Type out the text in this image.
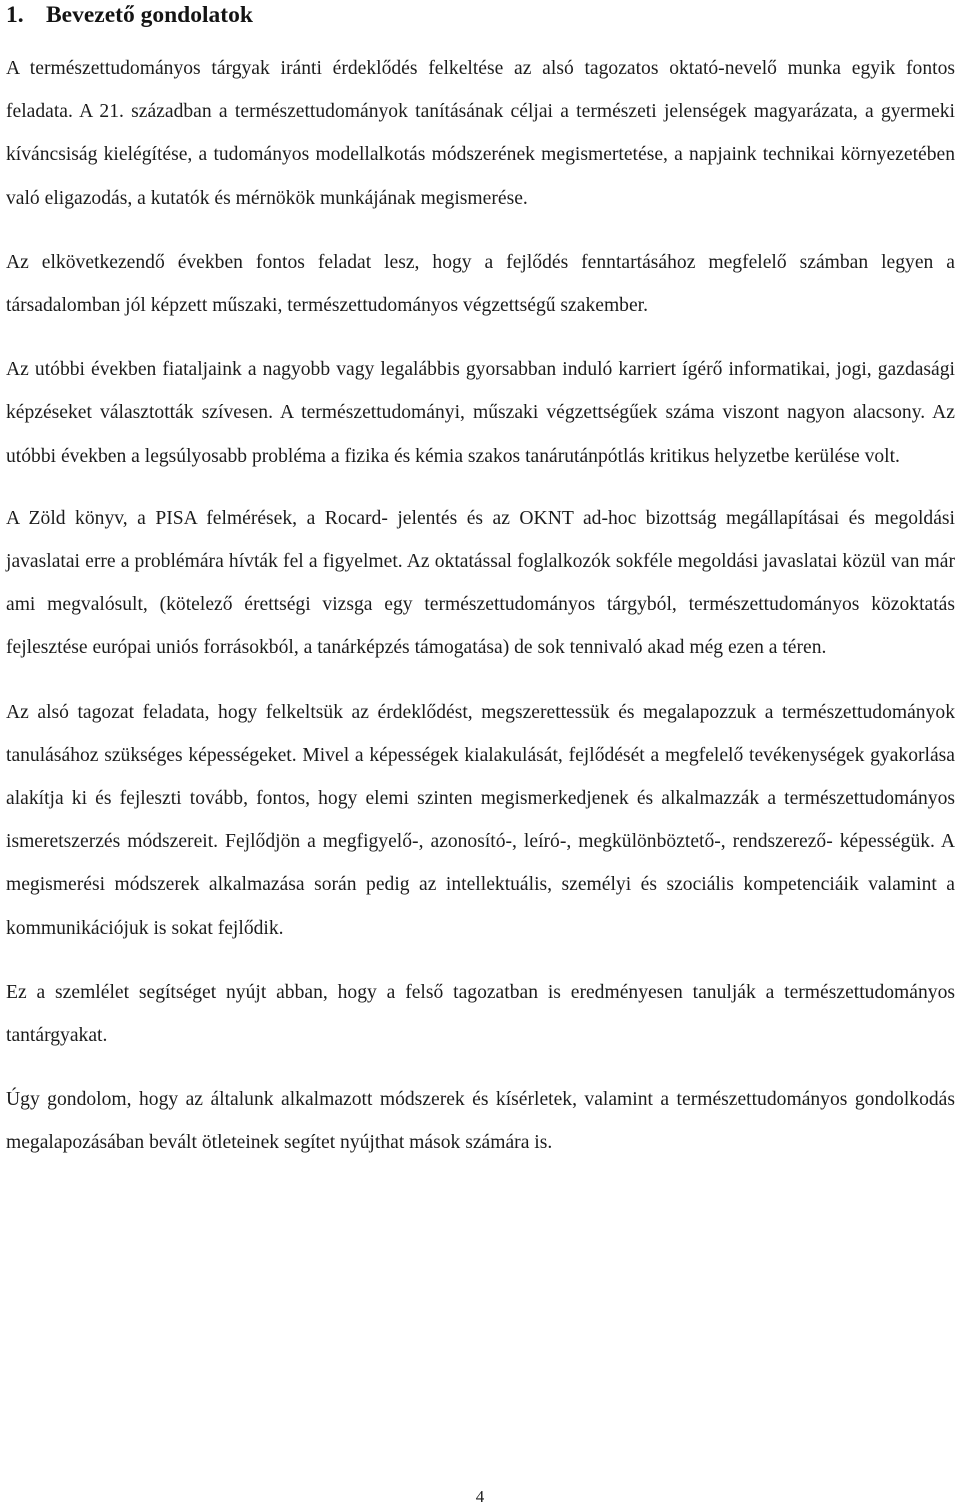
1. Bevezető gondolatok

A természettudományos tárgyak iránti érdeklődés felkeltése az alsó tagozatos oktató-nevelő munka egyik fontos feladata. A 21. században a természettudományok tanításának céljai a természeti jelenségek magyarázata, a gyermeki kíváncsiság kielégítése, a tudományos modellalkotás módszerének megismertetése, a napjaink technikai környezetében való eligazodás, a kutatók és mérnökök munkájának megismerése.

Az elkövetkezendő években fontos feladat lesz, hogy a fejlődés fenntartásához megfelelő számban legyen a társadalomban jól képzett műszaki, természettudományos végzettségű szakember.

Az utóbbi években fiataljaink a nagyobb vagy legalábbis gyorsabban induló karriert ígérő informatikai, jogi, gazdasági képzéseket választották szívesen. A természettudományi, műszaki végzettségűek száma viszont nagyon alacsony. Az utóbbi években a legsúlyosabb probléma a fizika és kémia szakos tanárutánpótlás kritikus helyzetbe kerülése volt.

A Zöld könyv, a PISA felmérések, a Rocard- jelentés és az OKNT ad-hoc bizottság megállapításai és megoldási javaslatai erre a problémára hívták fel a figyelmet. Az oktatással foglalkozók sokféle megoldási javaslatai közül van már ami megvalósult, (kötelező érettségi vizsga egy természettudományos tárgyból, természettudományos közoktatás fejlesztése európai uniós forrásokból, a tanárképzés támogatása) de sok tennivaló akad még ezen a téren.

Az alsó tagozat feladata, hogy felkeltsük az érdeklődést, megszerettessük és megalapozzuk a természettudományok tanulásához szükséges képességeket. Mivel a képességek kialakulását, fejlődését a megfelelő tevékenységek gyakorlása alakítja ki és fejleszti tovább, fontos, hogy elemi szinten megismerkedjenek és alkalmazzák a természettudományos ismeretszerzés módszereit. Fejlődjön a megfigyelő-, azonosító-, leíró-, megkülönböztető-, rendszerező- képességük. A megismerési módszerek alkalmazása során pedig az intellektuális, személyi és szociális kompetenciáik valamint a kommunikációjuk is sokat fejlődik.

Ez a szemlélet segítséget nyújt abban, hogy a felső tagozatban is eredményesen tanulják a természettudományos tantárgyakat.

Úgy gondolom, hogy az általunk alkalmazott módszerek és kísérletek, valamint a természettudományos gondolkodás megalapozásában bevált ötleteinek segítet nyújthat mások számára is.

4
